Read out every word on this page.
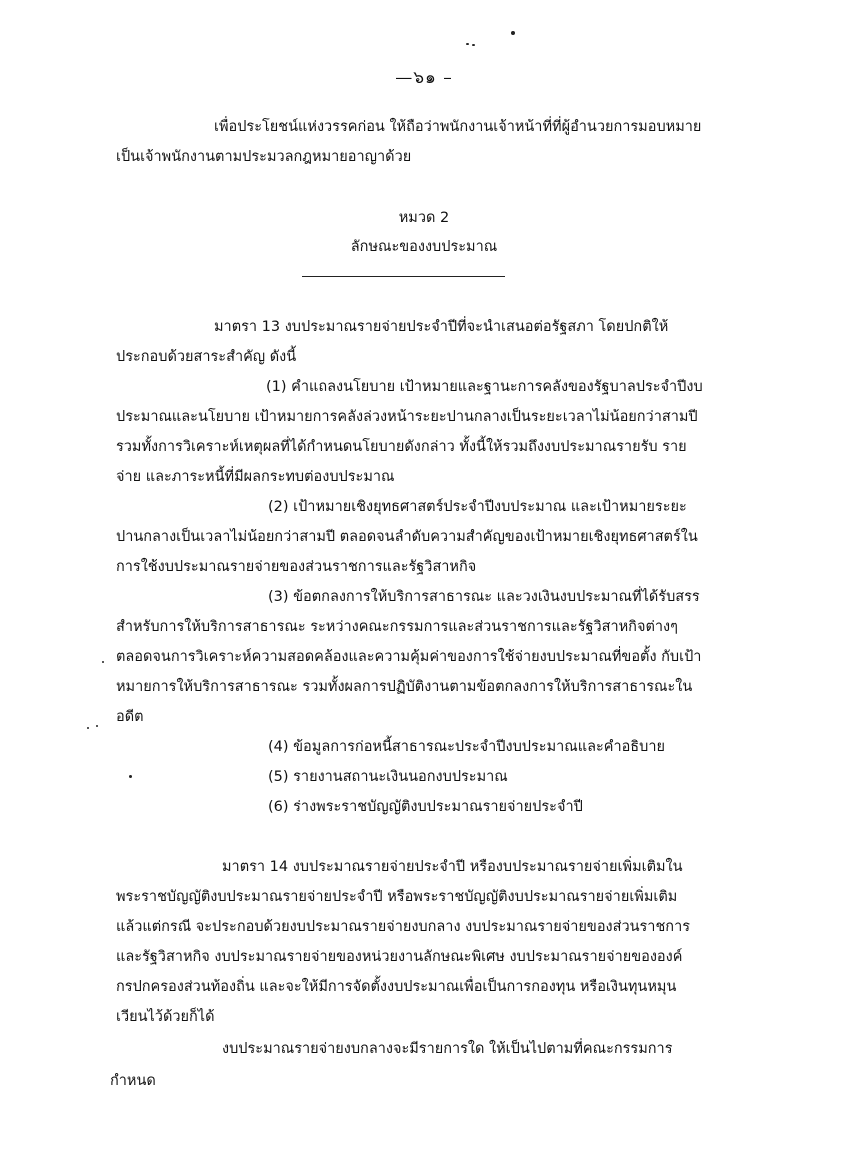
—๖๑ –
เพื่อประโยชน์แห่งวรรคก่อน ให้ถือว่าพนักงานเจ้าหน้าที่ที่ผู้อำนวยการมอบหมาย
เป็นเจ้าพนักงานตามประมวลกฎหมายอาญาด้วย
หมวด 2
ลักษณะของงบประมาณ
มาตรา 13 งบประมาณรายจ่ายประจำปีที่จะนำเสนอต่อรัฐสภา โดยปกติให้
ประกอบด้วยสาระสำคัญ ดังนี้
(1) คำแถลงนโยบาย เป้าหมายและฐานะการคลังของรัฐบาลประจำปีงบ
ประมาณและนโยบาย เป้าหมายการคลังล่วงหน้าระยะปานกลางเป็นระยะเวลาไม่น้อยกว่าสามปี
รวมทั้งการวิเคราะห์เหตุผลที่ได้กำหนดนโยบายดังกล่าว ทั้งนี้ให้รวมถึงงบประมาณรายรับ ราย
จ่าย และภาระหนี้ที่มีผลกระทบต่องบประมาณ
(2) เป้าหมายเชิงยุทธศาสตร์ประจำปีงบประมาณ และเป้าหมายระยะ
ปานกลางเป็นเวลาไม่น้อยกว่าสามปี ตลอดจนลำดับความสำคัญของเป้าหมายเชิงยุทธศาสตร์ใน
การใช้งบประมาณรายจ่ายของส่วนราชการและรัฐวิสาหกิจ
(3) ข้อตกลงการให้บริการสาธารณะ และวงเงินงบประมาณที่ได้รับสรร
สำหรับการให้บริการสาธารณะ ระหว่างคณะกรรมการและส่วนราชการและรัฐวิสาหกิจต่างๆ
ตลอดจนการวิเคราะห์ความสอดคล้องและความคุ้มค่าของการใช้จ่ายงบประมาณที่ขอตั้ง กับเป้า
หมายการให้บริการสาธารณะ รวมทั้งผลการปฏิบัติงานตามข้อตกลงการให้บริการสาธารณะใน
อดีต
(4) ข้อมูลการก่อหนี้สาธารณะประจำปีงบประมาณและคำอธิบาย
(5) รายงานสถานะเงินนอกงบประมาณ
(6) ร่างพระราชบัญญัติงบประมาณรายจ่ายประจำปี
มาตรา 14 งบประมาณรายจ่ายประจำปี หรืองบประมาณรายจ่ายเพิ่มเติมใน
พระราชบัญญัติงบประมาณรายจ่ายประจำปี หรือพระราชบัญญัติงบประมาณรายจ่ายเพิ่มเติม
แล้วแต่กรณี จะประกอบด้วยงบประมาณรายจ่ายงบกลาง งบประมาณรายจ่ายของส่วนราชการ
และรัฐวิสาหกิจ งบประมาณรายจ่ายของหน่วยงานลักษณะพิเศษ งบประมาณรายจ่ายขององค์
กรปกครองส่วนท้องถิ่น และจะให้มีการจัดตั้งงบประมาณเพื่อเป็นการกองทุน หรือเงินทุนหมุน
เวียนไว้ด้วยก็ได้
งบประมาณรายจ่ายงบกลางจะมีรายการใด ให้เป็นไปตามที่คณะกรรมการ
กำหนด
